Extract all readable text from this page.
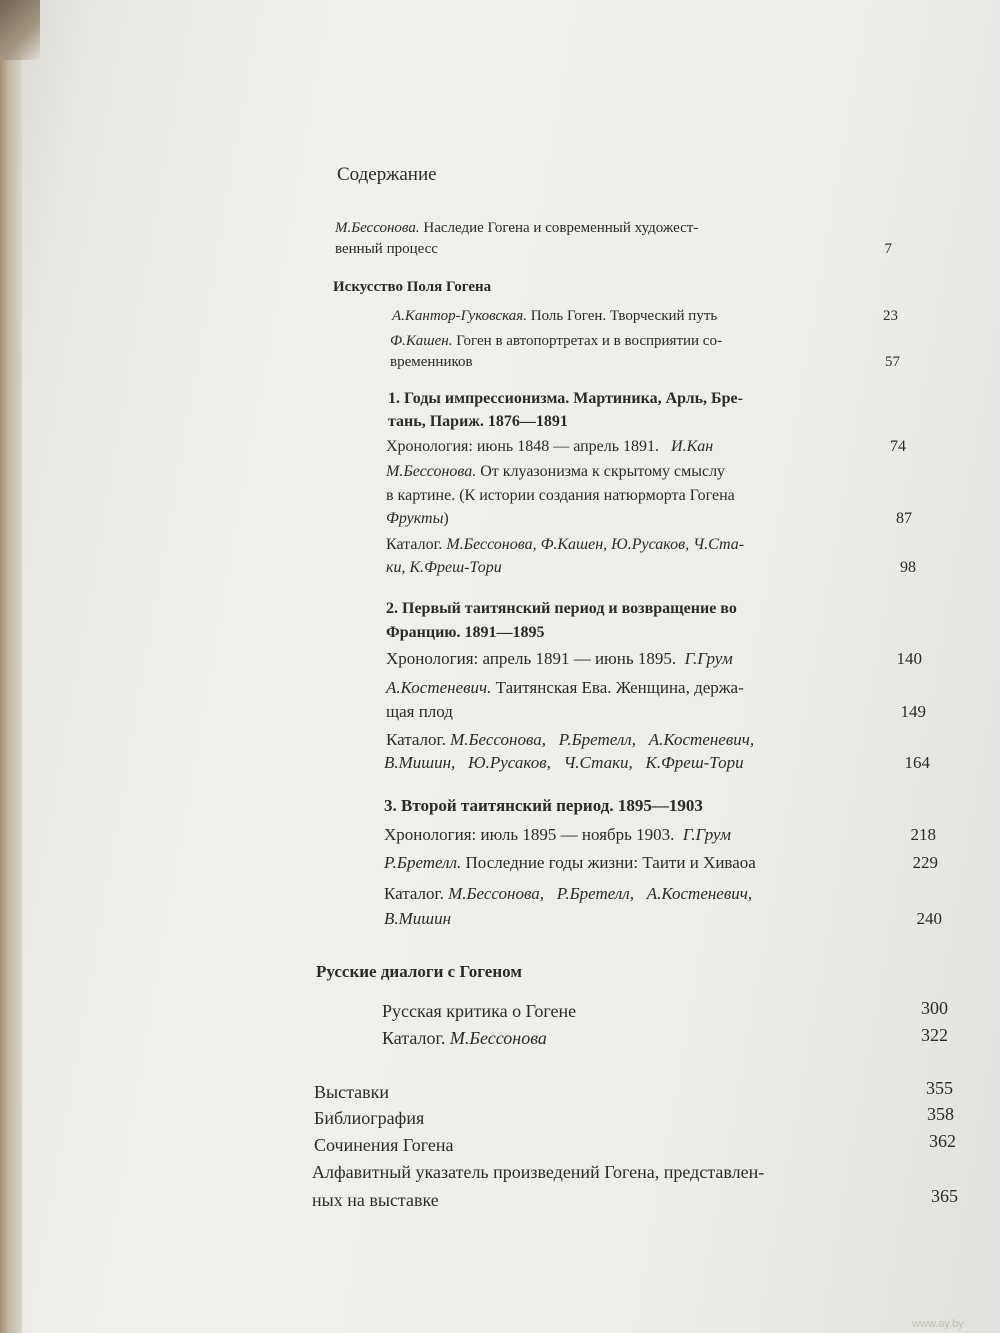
Содержание
М.Бессонова. Наследие Гогена и современный художест-
венный процесс	7
Искусство Поля Гогена
А.Кантор-Гуковская. Поль Гоген. Творческий путь	23
Ф.Кашен. Гоген в автопортретах и в восприятии со-
временников	57
1. Годы импрессионизма. Мартиника, Арль, Бре-
тань, Париж. 1876—1891
Хронология: июнь 1848 — апрель 1891. И.Кан	74
М.Бессонова. От клуазонизма к скрытому смыслу
в картине. (К истории создания натюрморта Гогена
Фрукты)	87
Каталог. М.Бессонова, Ф.Кашен, Ю.Русаков, Ч.Ста-
ки, К.Фреш-Тори	98
2. Первый таитянский период и возвращение во
Францию. 1891—1895
Хронология: апрель 1891 — июнь 1895. Г.Грум	140
А.Костеневич. Таитянская Ева. Женщина, держа-
щая плод	149
Каталог. М.Бессонова,   Р.Бретелл,   А.Костеневич,
В.Мишин,   Ю.Русаков,   Ч.Стаки,   К.Фреш-Тори	164
3. Второй таитянский период. 1895—1903
Хронология: июль 1895 — ноябрь 1903. Г.Грум	218
Р.Бретелл. Последние годы жизни: Таити и Хиваоа	229
Каталог. М.Бессонова,   Р.Бретелл,   А.Костеневич,
В.Мишин	240
Русские диалоги с Гогеном
Русская критика о Гогене	300
Каталог. М.Бессонова	322
Выставки	355
Библиография	358
Сочинения Гогена	362
Алфавитный указатель произведений Гогена, представлен-
ных на выставке	365
www.ay.by
